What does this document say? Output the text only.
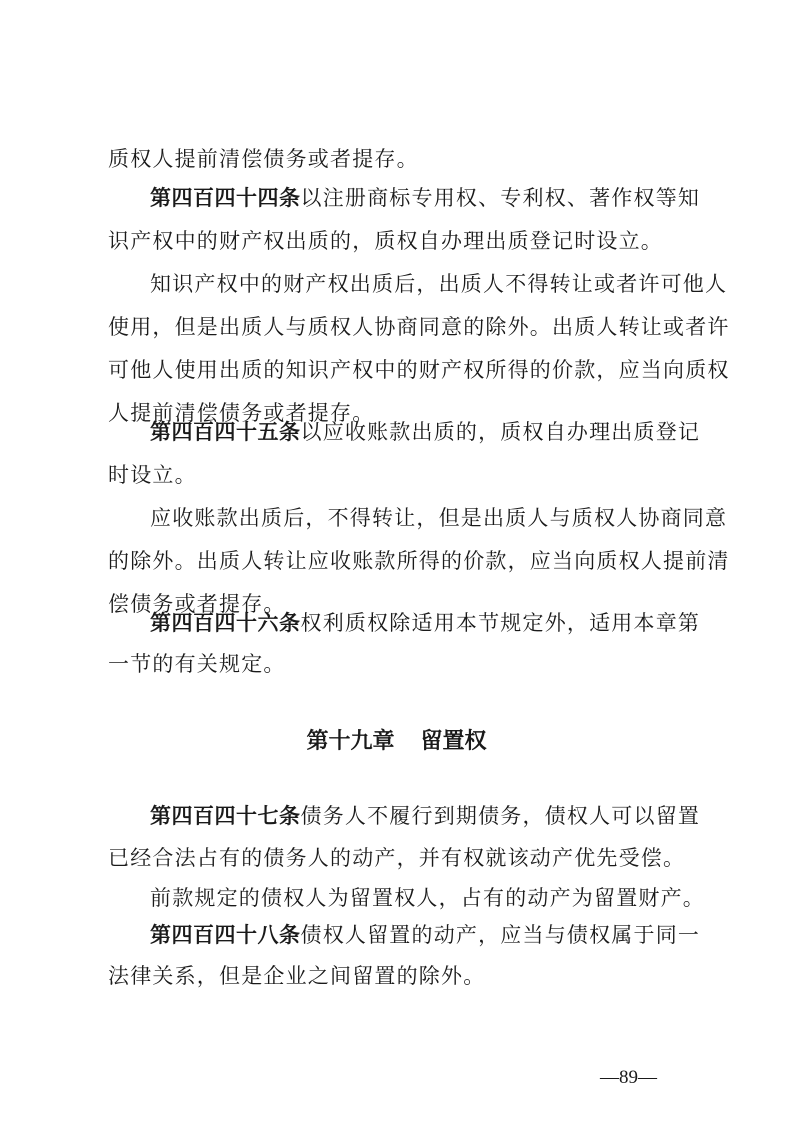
质权人提前清偿债务或者提存。
第四百四十四条以注册商标专用权、专利权、著作权等知
识产权中的财产权出质的，质权自办理出质登记时设立。
知识产权中的财产权出质后，出质人不得转让或者许可他人
使用，但是出质人与质权人协商同意的除外。出质人转让或者许
可他人使用出质的知识产权中的财产权所得的价款，应当向质权
人提前清偿债务或者提存。
第四百四十五条以应收账款出质的，质权自办理出质登记
时设立。
应收账款出质后，不得转让，但是出质人与质权人协商同意
的除外。出质人转让应收账款所得的价款，应当向质权人提前清
偿债务或者提存。
第四百四十六条权利质权除适用本节规定外，适用本章第
一节的有关规定。
第十九章 留置权
第四百四十七条债务人不履行到期债务，债权人可以留置
已经合法占有的债务人的动产，并有权就该动产优先受偿。
前款规定的债权人为留置权人，占有的动产为留置财产。
第四百四十八条债权人留置的动产，应当与债权属于同一
法律关系，但是企业之间留置的除外。
—89—
